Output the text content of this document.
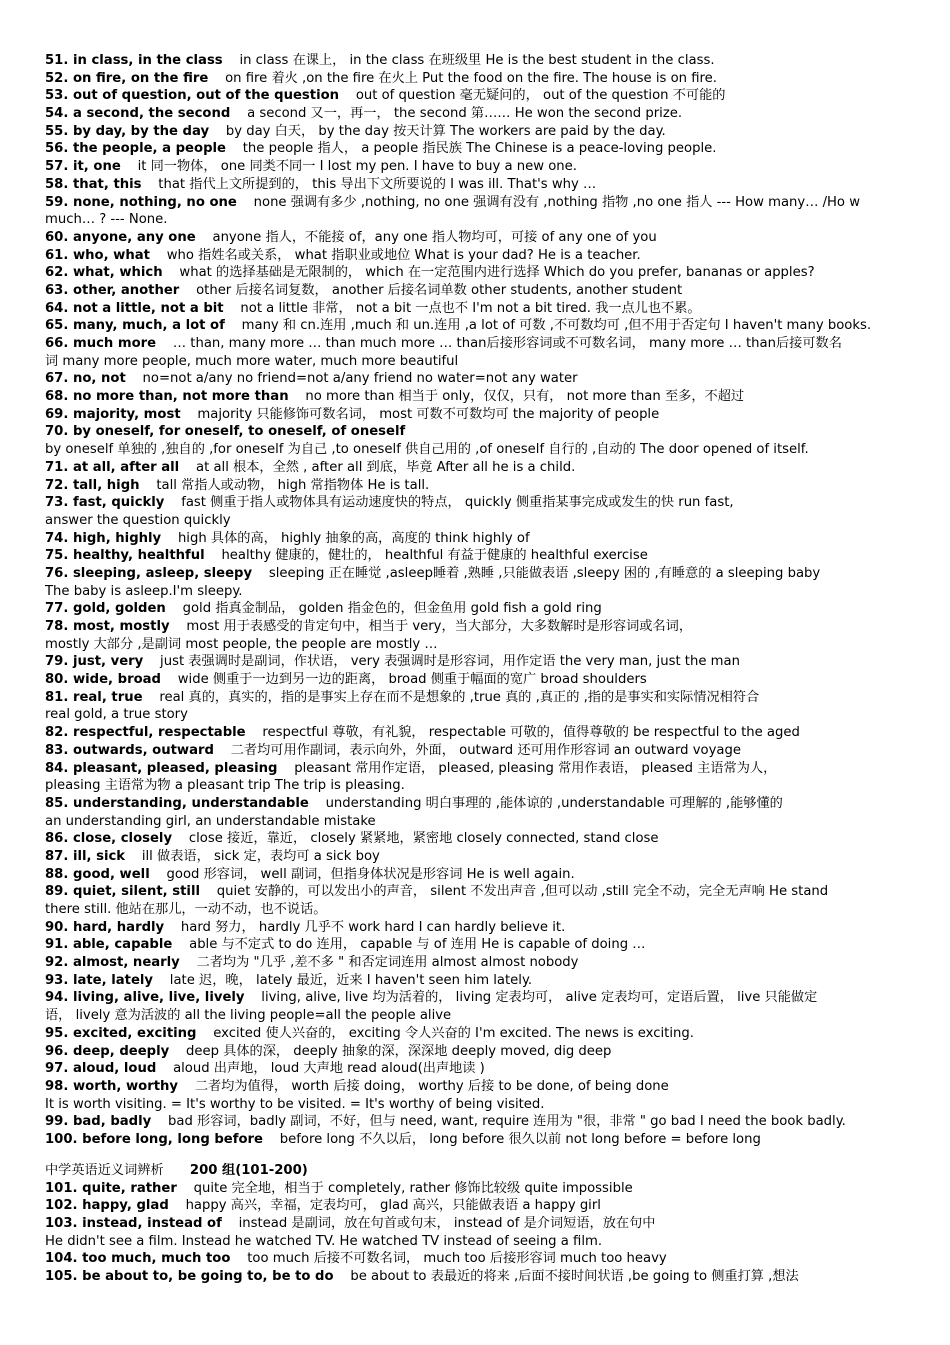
51. in class, in the class in class 在课上， in the class 在班级里 He is the best student in the class.
52. on fire, on the fire on fire 着火 ,on the fire 在火上 Put the food on the fire. The house is on fire.
53. out of question, out of the question out of question 毫无疑问的， out of the question 不可能的
54. a second, the second a second 又一，再一， the second 第…… He won the second prize.
55. by day, by the day by day 白天， by the day 按天计算 The workers are paid by the day.
56. the people, a people the people 指人， a people 指民族 The Chinese is a peace-loving people.
57. it, one it 同一物体， one 同类不同一 I lost my pen. I have to buy a new one.
58. that, this that 指代上文所提到的， this 导出下文所要说的 I was ill. That's why …
59. none, nothing, no one none 强调有多少 ,nothing, no one 强调有没有 ,nothing 指物 ,no one 指人 --- How many… /Ho w
much… ? --- None.
60. anyone, any one anyone 指人，不能接 of，any one 指人物均可，可接 of any one of you
61. who, what who 指姓名或关系， what 指职业或地位 What is your dad? He is a teacher.
62. what, which what 的选择基础是无限制的， which 在一定范围内进行选择 Which do you prefer, bananas or apples?
63. other, another other 后接名词复数， another 后接名词单数 other students, another student
64. not a little, not a bit not a little 非常， not a bit 一点也不 I'm not a bit tired. 我一点儿也不累。
65. many, much, a lot of many 和 cn.连用 ,much 和 un.连用 ,a lot of 可数 ,不可数均可 ,但不用于否定句 I haven't many books.
66. much more … than, many more … than much more … than后接形容词或不可数名词， many more … than后接可数名
词 many more people, much more water, much more beautiful
67. no, not no=not a/any no friend=not a/any friend no water=not any water
68. no more than, not more than no more than 相当于 only，仅仅，只有， not more than 至多，不超过
69. majority, most majority 只能修饰可数名词， most 可数不可数均可 the majority of people
70. by oneself, for oneself, to oneself, of oneself
by oneself 单独的 ,独自的 ,for oneself 为自己 ,to oneself 供自己用的 ,of oneself 自行的 ,自动的 The door opened of itself.
71. at all, after all at all 根本，全然 , after all 到底，毕竟 After all he is a child.
72. tall, high tall 常指人或动物， high 常指物体 He is tall.
73. fast, quickly fast 侧重于指人或物体具有运动速度快的特点， quickly 侧重指某事完成或发生的快 run fast,
answer the question quickly
74. high, highly high 具体的高， highly 抽象的高，高度的 think highly of
75. healthy, healthful healthy 健康的，健壮的， healthful 有益于健康的 healthful exercise
76. sleeping, asleep, sleepy sleeping 正在睡觉 ,asleep睡着 ,熟睡 ,只能做表语 ,sleepy 困的 ,有睡意的 a sleeping baby
The baby is asleep.I'm sleepy.
77. gold, golden gold 指真金制品， golden 指金色的，但金鱼用 gold fish a gold ring
78. most, mostly most 用于表感受的肯定句中，相当于 very，当大部分，大多数解时是形容词或名词，
mostly 大部分 ,是副词 most people, the people are mostly …
79. just, very just 表强调时是副词，作状语， very 表强调时是形容词，用作定语 the very man, just the man
80. wide, broad wide 侧重于一边到另一边的距离， broad 侧重于幅面的宽广 broad shoulders
81. real, true real 真的，真实的，指的是事实上存在而不是想象的 ,true 真的 ,真正的 ,指的是事实和实际情况相符合
real gold, a true story
82. respectful, respectable respectful 尊敬，有礼貌， respectable 可敬的，值得尊敬的 be respectful to the aged
83. outwards, outward 二者均可用作副词，表示向外，外面， outward 还可用作形容词 an outward voyage
84. pleasant, pleased, pleasing pleasant 常用作定语， pleased, pleasing 常用作表语， pleased 主语常为人，
pleasing 主语常为物 a pleasant trip The trip is pleasing.
85. understanding, understandable understanding 明白事理的 ,能体谅的 ,understandable 可理解的 ,能够懂的
an understanding girl, an understandable mistake
86. close, closely close 接近，靠近， closely 紧紧地，紧密地 closely connected, stand close
87. ill, sick ill 做表语， sick 定，表均可 a sick boy
88. good, well good 形容词， well 副词，但指身体状况是形容词 He is well again.
89. quiet, silent, still quiet 安静的，可以发出小的声音， silent 不发出声音 ,但可以动 ,still 完全不动，完全无声响 He stand
there still. 他站在那儿，一动不动，也不说话。
90. hard, hardly hard 努力， hardly 几乎不 work hard I can hardly believe it.
91. able, capable able 与不定式 to do 连用， capable 与 of 连用 He is capable of doing …
92. almost, nearly 二者均为 "几乎 ,差不多 " 和否定词连用 almost almost nobody
93. late, lately late 迟，晚， lately 最近，近来 I haven't seen him lately.
94. living, alive, live, lively living, alive, live 均为活着的， living 定表均可， alive 定表均可，定语后置， live 只能做定
语， lively 意为活波的 all the living people=all the people alive
95. excited, exciting excited 使人兴奋的， exciting 令人兴奋的 I'm excited. The news is exciting.
96. deep, deeply deep 具体的深， deeply 抽象的深，深深地 deeply moved, dig deep
97. aloud, loud aloud 出声地， loud 大声地 read aloud(出声地读 )
98. worth, worthy 二者均为值得， worth 后接 doing， worthy 后接 to be done, of being done
It is worth visiting. = It's worthy to be visited. = It's worthy of being visited.
99. bad, badly bad 形容词，badly 副词，不好，但与 need, want, require 连用为 "很，非常 " go bad I need the book badly.
100. before long, long before before long 不久以后， long before 很久以前 not long before = before long
中学英语近义词辨析 200 组(101-200)
101. quite, rather quite 完全地，相当于 completely, rather 修饰比较级 quite impossible
102. happy, glad happy 高兴，幸福，定表均可， glad 高兴，只能做表语 a happy girl
103. instead, instead of instead 是副词，放在句首或句末， instead of 是介词短语，放在句中
He didn't see a film. Instead he watched TV. He watched TV instead of seeing a film.
104. too much, much too too much 后接不可数名词， much too 后接形容词 much too heavy
105. be about to, be going to, be to do be about to 表最近的将来 ,后面不接时间状语 ,be going to 侧重打算 ,想法
